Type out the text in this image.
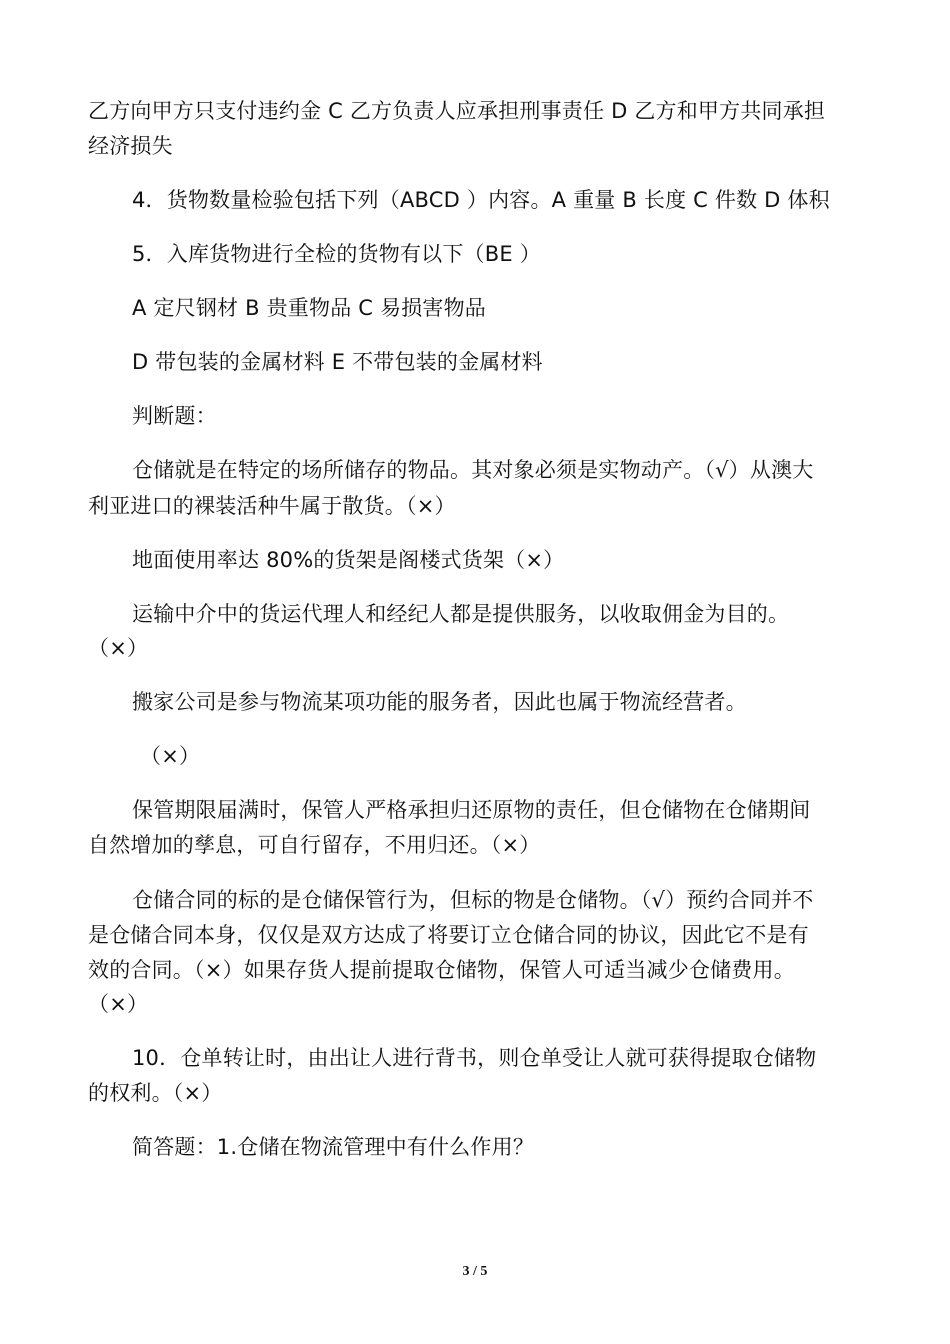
乙方向甲方只支付违约金 C 乙方负责人应承担刑事责任 D 乙方和甲方共同承担
经济损失
4．货物数量检验包括下列（ABCD ）内容。A 重量 B 长度 C 件数 D 体积
5．入库货物进行全检的货物有以下（BE ）
A 定尺钢材 B 贵重物品 C 易损害物品
D 带包装的金属材料 E 不带包装的金属材料
判断题：
仓储就是在特定的场所储存的物品。其对象必须是实物动产。（√）从澳大
利亚进口的裸装活种牛属于散货。（×）
地面使用率达 80%的货架是阁楼式货架（×）
运输中介中的货运代理人和经纪人都是提供服务，以收取佣金为目的。
（×）
搬家公司是参与物流某项功能的服务者，因此也属于物流经营者。
（×）
保管期限届满时，保管人严格承担归还原物的责任，但仓储物在仓储期间
自然增加的孳息，可自行留存，不用归还。（×）
仓储合同的标的是仓储保管行为，但标的物是仓储物。（√）预约合同并不
是仓储合同本身，仅仅是双方达成了将要订立仓储合同的协议，因此它不是有
效的合同。（×）如果存货人提前提取仓储物，保管人可适当减少仓储费用。
（×）
10．仓单转让时，由出让人进行背书，则仓单受让人就可获得提取仓储物
的权利。（×）
简答题：1.仓储在物流管理中有什么作用？
3 / 5
